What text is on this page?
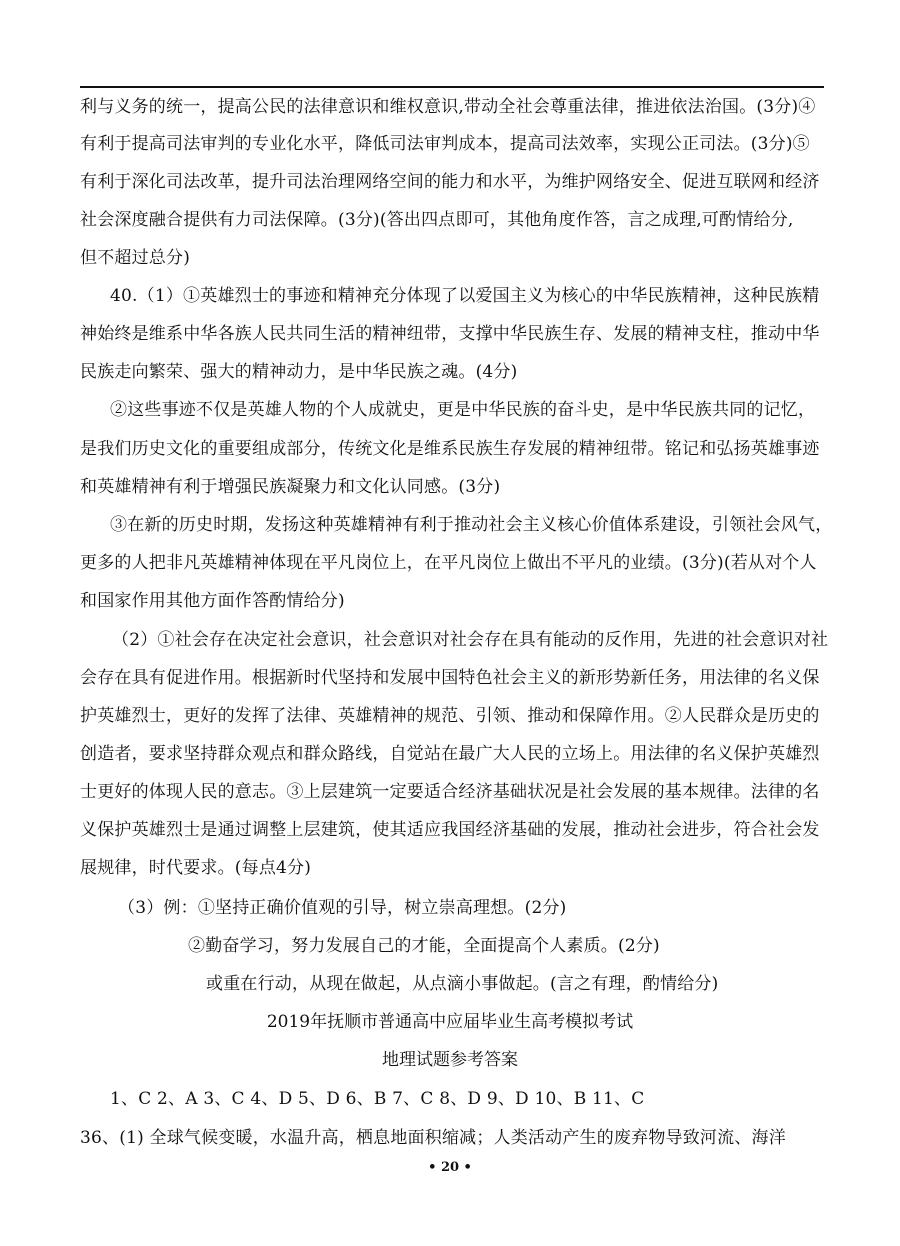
利与义务的统一，提高公民的法律意识和维权意识,带动全社会尊重法律，推进依法治国。(3分)④
有利于提高司法审判的专业化水平，降低司法审判成本，提高司法效率，实现公正司法。(3分)⑤
有利于深化司法改革，提升司法治理网络空间的能力和水平，为维护网络安全、促进互联网和经济
社会深度融合提供有力司法保障。(3分)(答出四点即可，其他角度作答，言之成理,可酌情给分,
但不超过总分)
40.（1）①英雄烈士的事迹和精神充分体现了以爱国主义为核心的中华民族精神，这种民族精
神始终是维系中华各族人民共同生活的精神纽带，支撑中华民族生存、发展的精神支柱，推动中华
民族走向繁荣、强大的精神动力，是中华民族之魂。(4分)
②这些事迹不仅是英雄人物的个人成就史，更是中华民族的奋斗史，是中华民族共同的记忆，
是我们历史文化的重要组成部分，传统文化是维系民族生存发展的精神纽带。铭记和弘扬英雄事迹
和英雄精神有利于增强民族凝聚力和文化认同感。(3分)
③在新的历史时期，发扬这种英雄精神有利于推动社会主义核心价值体系建设，引领社会风气，
更多的人把非凡英雄精神体现在平凡岗位上，在平凡岗位上做出不平凡的业绩。(3分)(若从对个人
和国家作用其他方面作答酌情给分)
（2）①社会存在决定社会意识，社会意识对社会存在具有能动的反作用，先进的社会意识对社
会存在具有促进作用。根据新时代坚持和发展中国特色社会主义的新形势新任务，用法律的名义保
护英雄烈士，更好的发挥了法律、英雄精神的规范、引领、推动和保障作用。②人民群众是历史的
创造者，要求坚持群众观点和群众路线，自觉站在最广大人民的立场上。用法律的名义保护英雄烈
士更好的体现人民的意志。③上层建筑一定要适合经济基础状况是社会发展的基本规律。法律的名
义保护英雄烈士是通过调整上层建筑，使其适应我国经济基础的发展，推动社会进步，符合社会发
展规律，时代要求。(每点4分)
（3）例：①坚持正确价值观的引导，树立崇高理想。(2分)
②勤奋学习，努力发展自己的才能，全面提高个人素质。(2分)
或重在行动，从现在做起，从点滴小事做起。(言之有理，酌情给分)
2019年抚顺市普通高中应届毕业生高考模拟考试
地理试题参考答案
1、C 2、A 3、C 4、D 5、D 6、B 7、C 8、D 9、D 10、B 11、C
36、(1) 全球气候变暖，水温升高，栖息地面积缩减；人类活动产生的废弃物导致河流、海洋
• 20 •
